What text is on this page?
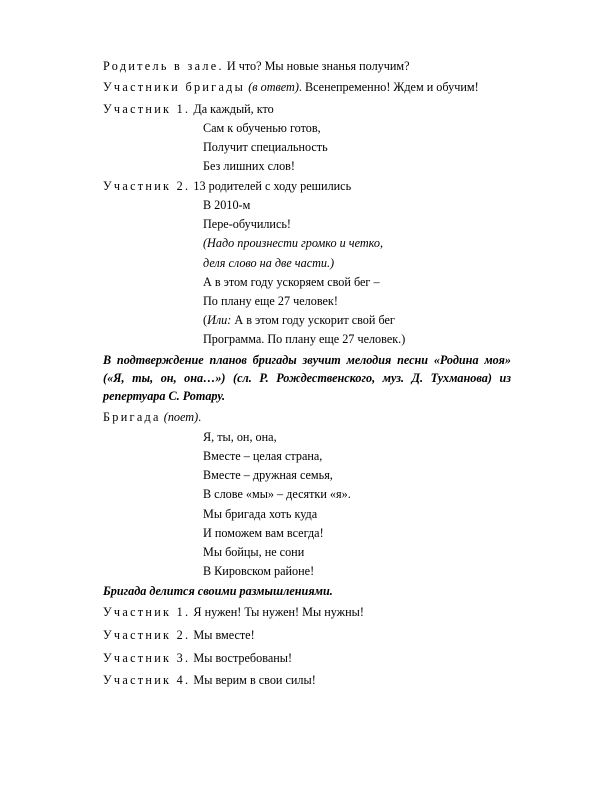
Родитель в зале. И что? Мы новые знанья получим?
Участники бригады (в ответ). Всенепременно! Ждем и обучим!
Участник 1. Да каждый, кто
Сам к обученью готов,
Получит специальность
Без лишних слов!
Участник 2. 13 родителей с ходу решились
В 2010-м
Пере-обучились!
(Надо произнести громко и четко,
деля слово на две части.)
А в этом году ускоряем свой бег –
По плану еще 27 человек!
(Или: А в этом году ускорит свой бег
Программа. По плану еще 27 человек.)
В подтверждение планов бригады звучит мелодия песни «Родина моя» («Я, ты, он, она…») (сл. Р. Рождественского, муз. Д. Тухманова) из репертуара С. Ротару.
Бригада (поет).
Я, ты, он, она,
Вместе – целая страна,
Вместе – дружная семья,
В слове «мы» – десятки «я».
Мы бригада хоть куда
И поможем вам всегда!
Мы бойцы, не сони
В Кировском районе!
Бригада делится своими размышлениями.
Участник 1. Я нужен! Ты нужен! Мы нужны!
Участник 2. Мы вместе!
Участник 3. Мы востребованы!
Участник 4. Мы верим в свои силы!
